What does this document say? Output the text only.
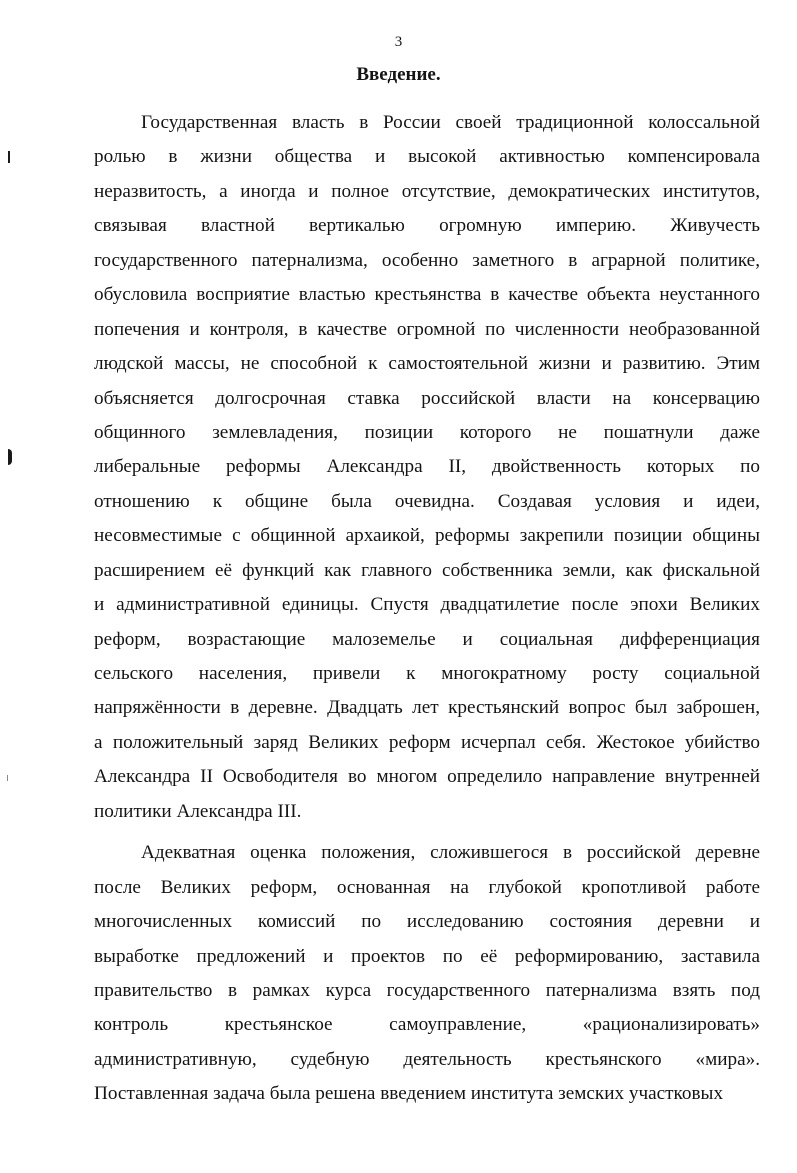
3
Введение.
Государственная власть в России своей традиционной колоссальной
ролью в жизни общества и высокой активностью компенсировала
неразвитость, а иногда и полное отсутствие, демократических институтов,
связывая властной вертикалью огромную империю. Живучесть
государственного патернализма, особенно заметного в аграрной политике,
обусловила восприятие властью крестьянства в качестве объекта неустанного
попечения и контроля, в качестве огромной по численности необразованной
людской массы, не способной к самостоятельной жизни и развитию. Этим
объясняется долгосрочная ставка российской власти на консервацию
общинного землевладения, позиции которого не пошатнули даже
либеральные реформы Александра II, двойственность которых по
отношению к общине была очевидна. Создавая условия и идеи,
несовместимые с общинной архаикой, реформы закрепили позиции общины
расширением её функций как главного собственника земли, как фискальной
и административной единицы. Спустя двадцатилетие после эпохи Великих
реформ, возрастающие малоземелье и социальная дифференциация
сельского населения, привели к многократному росту социальной
напряжённости в деревне. Двадцать лет крестьянский вопрос был заброшен,
а положительный заряд Великих реформ исчерпал себя. Жестокое убийство
Александра II Освободителя во многом определило направление внутренней
политики Александра III.
Адекватная оценка положения, сложившегося в российской деревне
после Великих реформ, основанная на глубокой кропотливой работе
многочисленных комиссий по исследованию состояния деревни и
выработке предложений и проектов по её реформированию, заставила
правительство в рамках курса государственного патернализма взять под
контроль крестьянское самоуправление, «рационализировать»
административную, судебную деятельность крестьянского «мира».
Поставленная задача была решена введением института земских участковых
